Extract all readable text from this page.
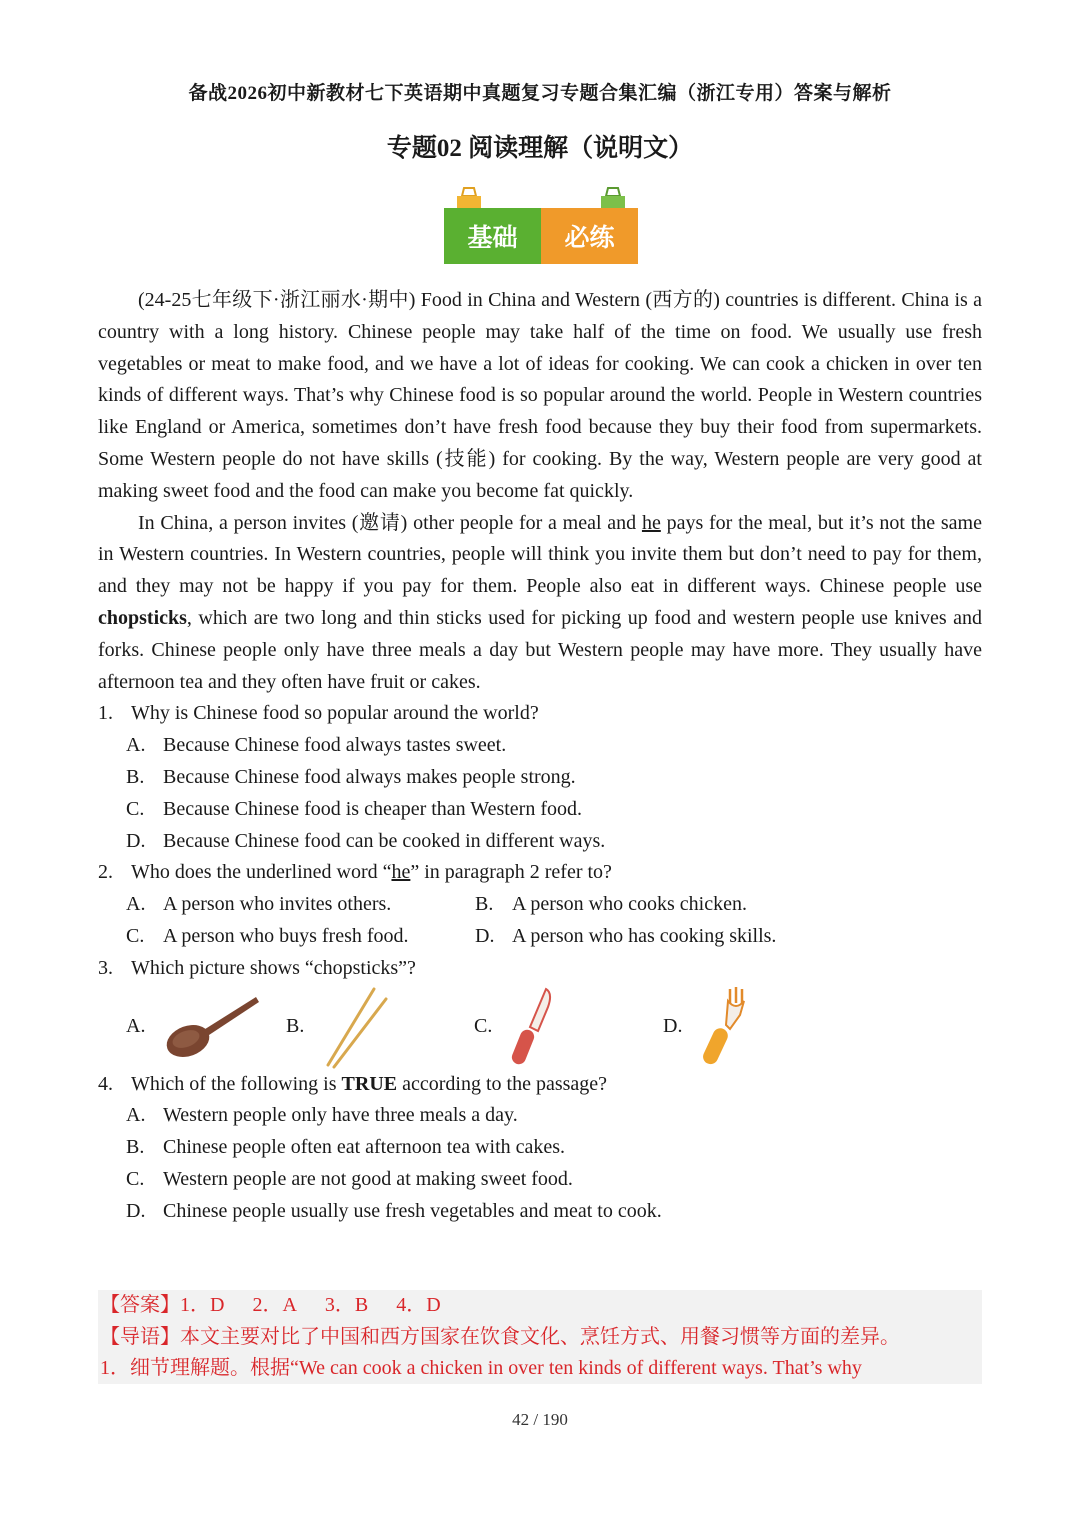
备战2026初中新教材七下英语期中真题复习专题合集汇编（浙江专用）答案与解析
专题02 阅读理解（说明文）
基础	必练

(24-25七年级下·浙江丽水·期中) Food in China and Western (西方的) countries is different. China is a country with a long history. Chinese people may take half of the time on food. We usually use fresh vegetables or meat to make food, and we have a lot of ideas for cooking. We can cook a chicken in over ten kinds of different ways. That’s why Chinese food is so popular around the world. People in Western countries like England or America, sometimes don’t have fresh food because they buy their food from supermarkets. Some Western people do not have skills (技能) for cooking. By the way, Western people are very good at making sweet food and the food can make you become fat quickly.

In China, a person invites (邀请) other people for a meal and he pays for the meal, but it’s not the same in Western countries. In Western countries, people will think you invite them but don’t need to pay for them, and they may not be happy if you pay for them. People also eat in different ways. Chinese people use chopsticks, which are two long and thin sticks used for picking up food and western people use knives and forks. Chinese people only have three meals a day but Western people may have more. They usually have afternoon tea and they often have fruit or cakes.

1. Why is Chinese food so popular around the world?
A. Because Chinese food always tastes sweet.
B. Because Chinese food always makes people strong.
C. Because Chinese food is cheaper than Western food.
D. Because Chinese food can be cooked in different ways.
2. Who does the underlined word “he” in paragraph 2 refer to?
A. A person who invites others.	B. A person who cooks chicken.
C. A person who buys fresh food.	D. A person who has cooking skills.
3. Which picture shows “chopsticks”?
A.	B.	C.	D.
4. Which of the following is TRUE according to the passage?
A. Western people only have three meals a day.
B. Chinese people often eat afternoon tea with cakes.
C. Western people are not good at making sweet food.
D. Chinese people usually use fresh vegetables and meat to cook.
【答案】1．D 2．A 3．B 4．D
【导语】本文主要对比了中国和西方国家在饮食文化、烹饪方式、用餐习惯等方面的差异。
1．细节理解题。根据“We can cook a chicken in over ten kinds of different ways. That’s why
42 / 190
